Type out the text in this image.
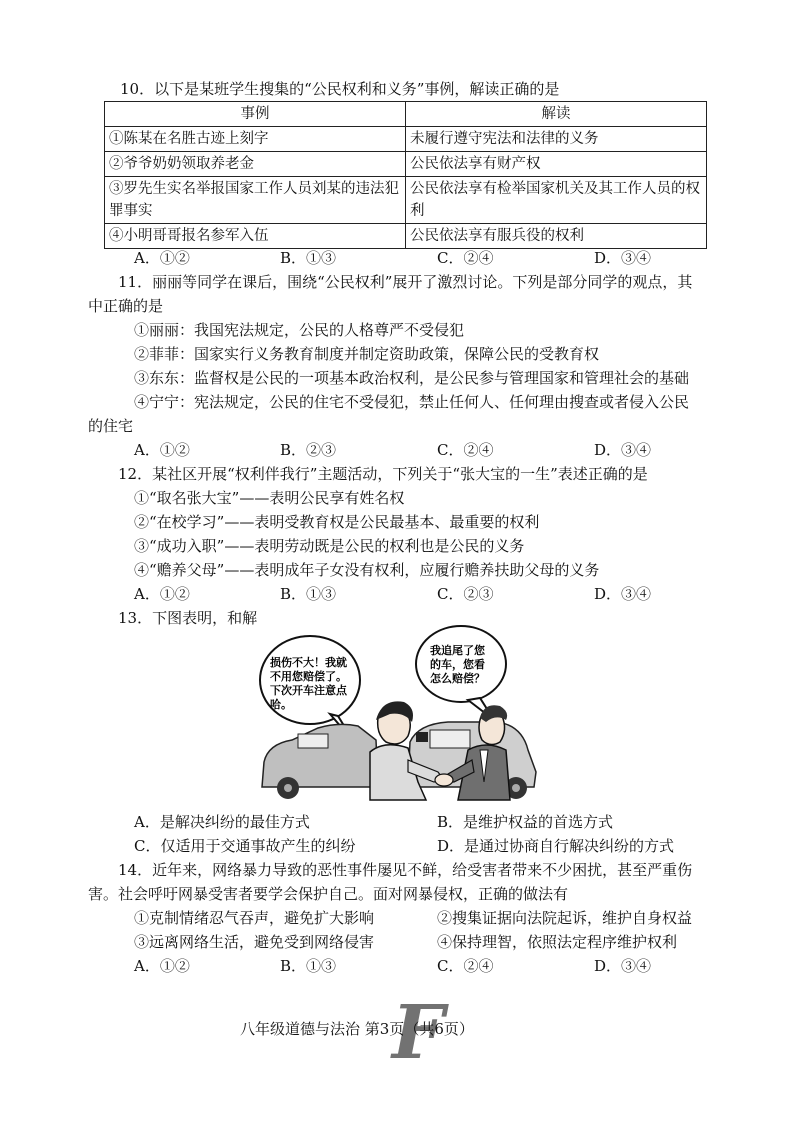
10．以下是某班学生搜集的“公民权利和义务”事例，解读正确的是
事例	解读
①陈某在名胜古迹上刻字	未履行遵守宪法和法律的义务
②爷爷奶奶领取养老金	公民依法享有财产权
③罗先生实名举报国家工作人员刘某的违法犯罪事实	公民依法享有检举国家机关及其工作人员的权利
④小明哥哥报名参军入伍	公民依法享有服兵役的权利
A．①②	B．①③	C．②④	D．③④
11．丽丽等同学在课后，围绕“公民权利”展开了激烈讨论。下列是部分同学的观点，其
中正确的是
①丽丽：我国宪法规定，公民的人格尊严不受侵犯
②菲菲：国家实行义务教育制度并制定资助政策，保障公民的受教育权
③东东：监督权是公民的一项基本政治权利，是公民参与管理国家和管理社会的基础
④宁宁：宪法规定，公民的住宅不受侵犯，禁止任何人、任何理由搜查或者侵入公民
的住宅
A．①②	B．②③	C．②④	D．③④
12．某社区开展“权利伴我行”主题活动，下列关于“张大宝的一生”表述正确的是
①“取名张大宝”——表明公民享有姓名权
②“在校学习”——表明受教育权是公民最基本、最重要的权利
③“成功入职”——表明劳动既是公民的权利也是公民的义务
④“赡养父母”——表明成年子女没有权利，应履行赡养扶助父母的义务
A．①②	B．①③	C．②③	D．③④
13．下图表明，和解
损伤不大！我就
不用您赔偿了。
下次开车注意点
哈。
我追尾了您
的车，您看
怎么赔偿？
A．是解决纠纷的最佳方式	B．是维护权益的首选方式
C．仅适用于交通事故产生的纠纷	D．是通过协商自行解决纠纷的方式
14．近年来，网络暴力导致的恶性事件屡见不鲜，给受害者带来不少困扰，甚至严重伤
害。社会呼吁网暴受害者要学会保护自己。面对网暴侵权，正确的做法有
①克制情绪忍气吞声，避免扩大影响	②搜集证据向法院起诉，维护自身权益
③远离网络生活，避免受到网络侵害	④保持理智，依照法定程序维护权利
A．①②	B．①③	C．②④	D．③④
F
八年级道德与法治 第3页（共6页）
